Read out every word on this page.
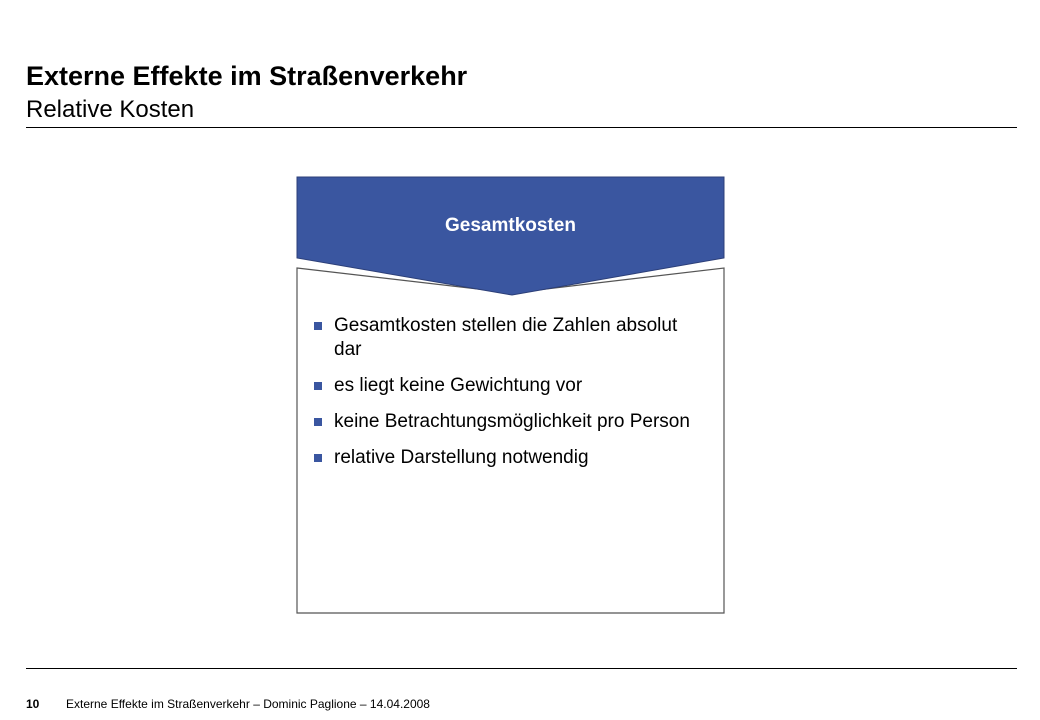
Externe Effekte im Straßenverkehr
Relative Kosten
Gesamtkosten
Gesamtkosten stellen die Zahlen absolut dar
es liegt keine Gewichtung vor
keine Betrachtungsmöglichkeit pro Person
relative Darstellung notwendig
10 Externe Effekte im Straßenverkehr – Dominic Paglione – 14.04.2008
